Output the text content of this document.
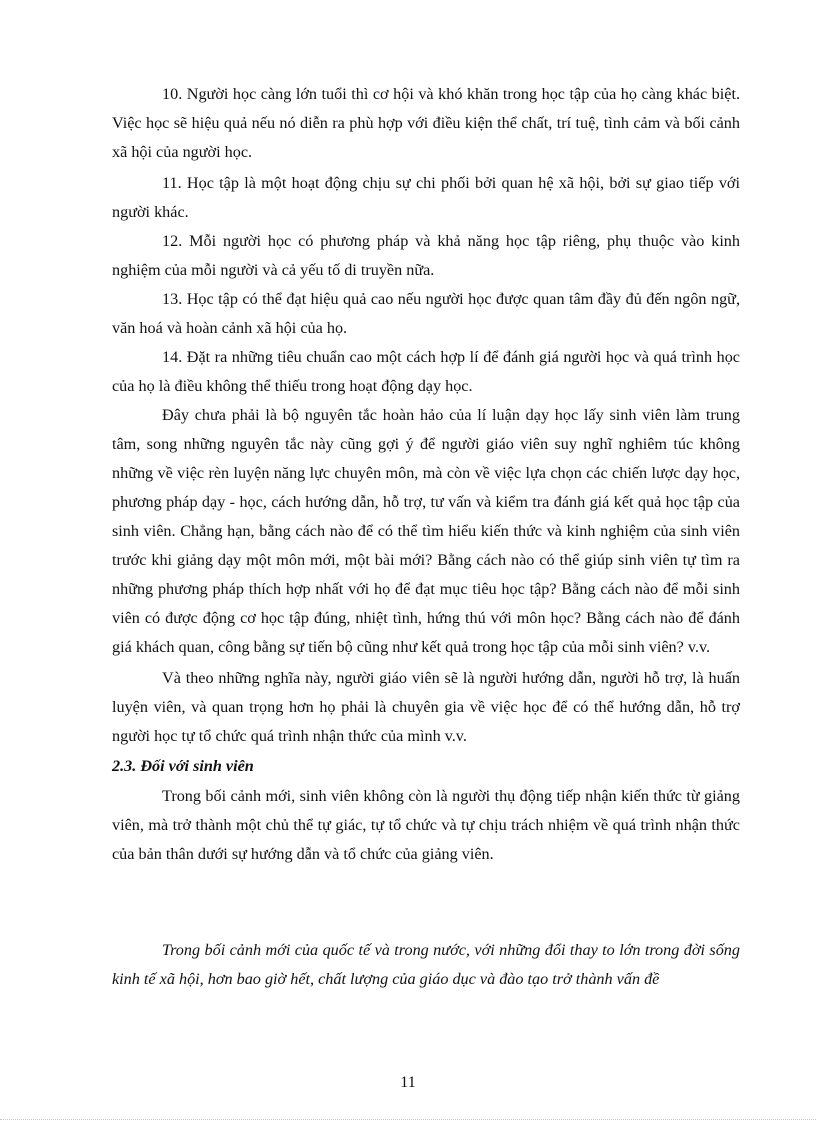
10. Người học càng lớn tuổi thì cơ hội và khó khăn trong học tập của họ càng khác biệt. Việc học sẽ hiệu quả nếu nó diễn ra phù hợp với điều kiện thể chất, trí tuệ, tình cảm và bối cảnh xã hội của người học.

11. Học tập là một hoạt động chịu sự chi phối bởi quan hệ xã hội, bởi sự giao tiếp với người khác.

12. Mỗi người học có phương pháp và khả năng học tập riêng, phụ thuộc vào kinh nghiệm của mỗi người và cả yếu tố di truyền nữa.

13. Học tập có thể đạt hiệu quả cao nếu người học được quan tâm đầy đủ đến ngôn ngữ, văn hoá và hoàn cảnh xã hội của họ.

14. Đặt ra những tiêu chuẩn cao một cách hợp lí để đánh giá người học và quá trình học của họ là điều không thể thiếu trong hoạt động dạy học.

Đây chưa phải là bộ nguyên tắc hoàn hảo của lí luận dạy học lấy sinh viên làm trung tâm, song những nguyên tắc này cũng gợi ý để người giáo viên suy nghĩ nghiêm túc không những về việc rèn luyện năng lực chuyên môn, mà còn về việc lựa chọn các chiến lược dạy học, phương pháp dạy - học, cách hướng dẫn, hỗ trợ, tư vấn và kiểm tra đánh giá kết quả học tập của sinh viên. Chẳng hạn, bằng cách nào để có thể tìm hiểu kiến thức và kinh nghiệm của sinh viên trước khi giảng dạy một môn mới, một bài mới? Bằng cách nào có thể giúp sinh viên tự tìm ra những phương pháp thích hợp nhất với họ để đạt mục tiêu học tập? Bằng cách nào để mỗi sinh viên có được động cơ học tập đúng, nhiệt tình, hứng thú với môn học? Bằng cách nào để đánh giá khách quan, công bằng sự tiến bộ cũng như kết quả trong học tập của mỗi sinh viên? v.v.

Và theo những nghĩa này, người giáo viên sẽ là người hướng dẫn, người hỗ trợ, là huấn luyện viên, và quan trọng hơn họ phải là chuyên gia về việc học để có thể hướng dẫn, hỗ trợ người học tự tổ chức quá trình nhận thức của mình v.v.

2.3. Đối với sinh viên

Trong bối cảnh mới, sinh viên không còn là người thụ động tiếp nhận kiến thức từ giảng viên, mà trở thành một chủ thể tự giác, tự tổ chức và tự chịu trách nhiệm về quá trình nhận thức của bản thân dưới sự hướng dẫn và tổ chức của giảng viên.

Trong bối cảnh mới của quốc tế và trong nước, với những đổi thay to lớn trong đời sống kinh tế xã hội, hơn bao giờ hết, chất lượng của giáo dục và đào tạo trở thành vấn đề

11
